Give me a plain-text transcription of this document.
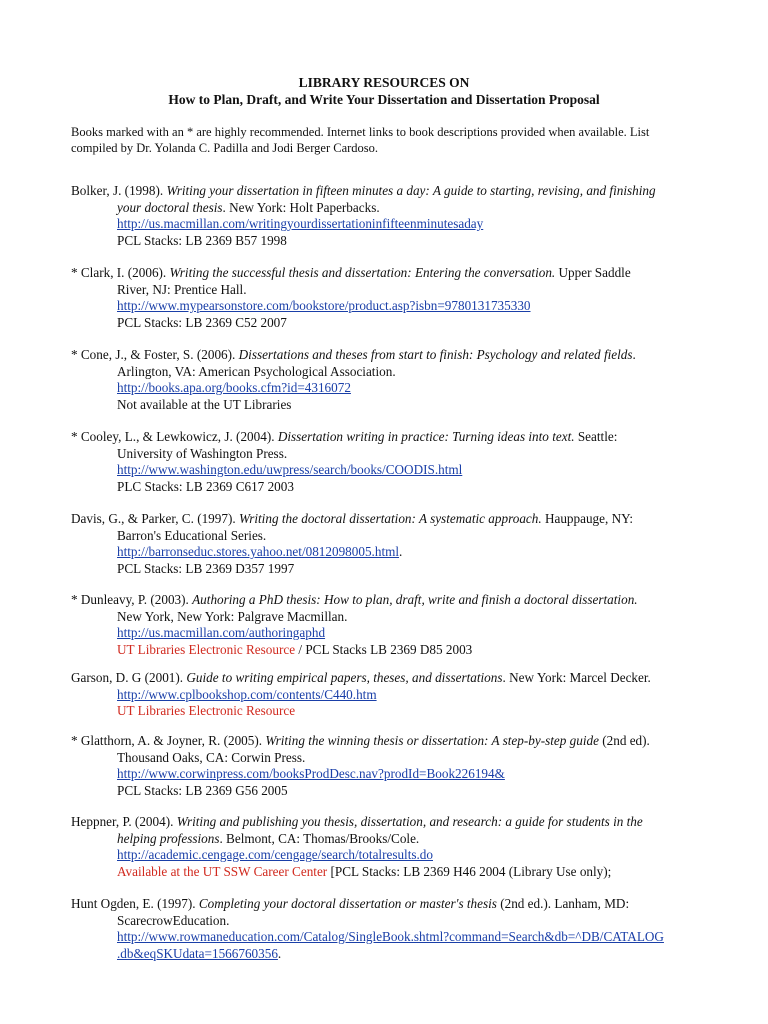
LIBRARY RESOURCES ON
How to Plan, Draft, and Write Your Dissertation and Dissertation Proposal
Books marked with an * are highly recommended. Internet links to book descriptions provided when available. List
compiled by Dr. Yolanda C. Padilla and Jodi Berger Cardoso.
Bolker, J. (1998). Writing your dissertation in fifteen minutes a day: A guide to starting, revising, and finishing
your doctoral thesis. New York: Holt Paperbacks.
http://us.macmillan.com/writingyourdissertationinfifteenminutesaday
PCL Stacks: LB 2369 B57 1998
* Clark, I. (2006). Writing the successful thesis and dissertation: Entering the conversation. Upper Saddle
River, NJ: Prentice Hall.
http://www.mypearsonstore.com/bookstore/product.asp?isbn=9780131735330
PCL Stacks: LB 2369 C52 2007
* Cone, J., & Foster, S. (2006). Dissertations and theses from start to finish: Psychology and related fields.
Arlington, VA: American Psychological Association.
http://books.apa.org/books.cfm?id=4316072
Not available at the UT Libraries
* Cooley, L., & Lewkowicz, J. (2004). Dissertation writing in practice: Turning ideas into text. Seattle:
University of Washington Press.
http://www.washington.edu/uwpress/search/books/COODIS.html
PLC Stacks: LB 2369 C617 2003
Davis, G., & Parker, C. (1997). Writing the doctoral dissertation: A systematic approach. Hauppauge, NY:
Barron's Educational Series.
http://barronseduc.stores.yahoo.net/0812098005.html.
PCL Stacks: LB 2369 D357 1997
* Dunleavy, P. (2003). Authoring a PhD thesis: How to plan, draft, write and finish a doctoral dissertation.
New York, New York: Palgrave Macmillan.
http://us.macmillan.com/authoringaphd
UT Libraries Electronic Resource / PCL Stacks LB 2369 D85 2003
Garson, D. G (2001). Guide to writing empirical papers, theses, and dissertations. New York: Marcel Decker.
http://www.cplbookshop.com/contents/C440.htm
UT Libraries Electronic Resource
* Glatthorn, A. & Joyner, R. (2005). Writing the winning thesis or dissertation: A step-by-step guide (2nd ed).
Thousand Oaks, CA: Corwin Press.
http://www.corwinpress.com/booksProdDesc.nav?prodId=Book226194&
PCL Stacks: LB 2369 G56 2005
Heppner, P. (2004). Writing and publishing you thesis, dissertation, and research: a guide for students in the
helping professions. Belmont, CA: Thomas/Brooks/Cole.
http://academic.cengage.com/cengage/search/totalresults.do
Available at the UT SSW Career Center [PCL Stacks: LB 2369 H46 2004 (Library Use only);
Hunt Ogden, E. (1997). Completing your doctoral dissertation or master's thesis (2nd ed.). Lanham, MD:
ScarecrowEducation.
http://www.rowmaneducation.com/Catalog/SingleBook.shtml?command=Search&db=^DB/CATALOG
.db&eqSKUdata=1566760356.
